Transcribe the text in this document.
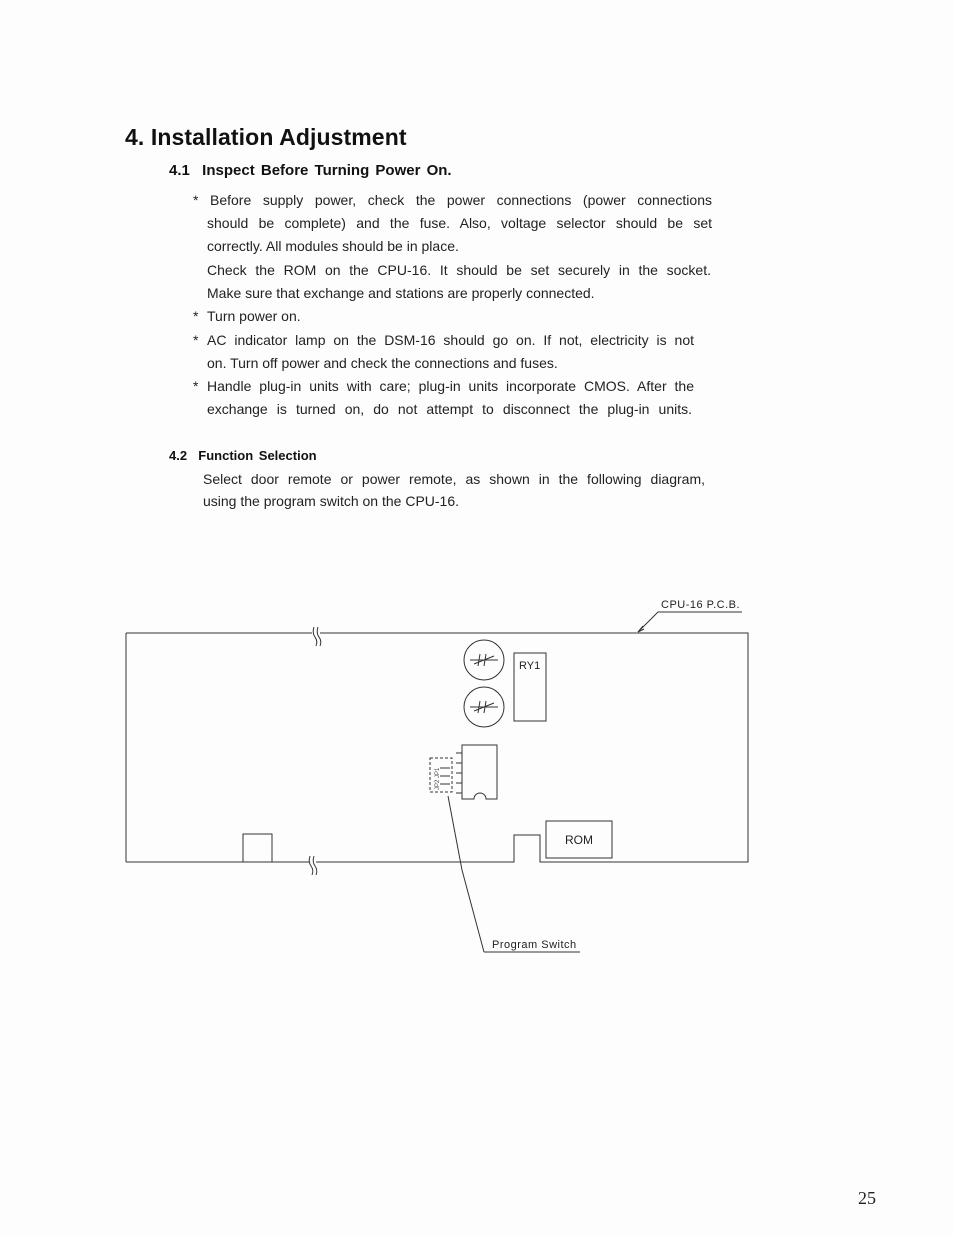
4. Installation Adjustment
4.1  Inspect Before Turning Power On.
* Before supply power, check the power connections (power connections
should be complete) and the fuse. Also, voltage selector should be set
correctly. All modules should be in place.
Check the ROM on the CPU-16. It should be set securely in the socket.
Make sure that exchange and stations are properly connected.
* Turn power on.
* AC indicator lamp on the DSM-16 should go on. If not, electricity is not
on. Turn off power and check the connections and fuses.
* Handle plug-in units with care; plug-in units incorporate CMOS. After the
exchange is turned on, do not attempt to disconnect the plug-in units.
4.2  Function Selection
Select door remote or power remote, as shown in the following diagram,
using the program switch on the CPU-16.
CPU-16 P.C.B.
RY1
ROM
Program Switch
JP2 JP1
25
